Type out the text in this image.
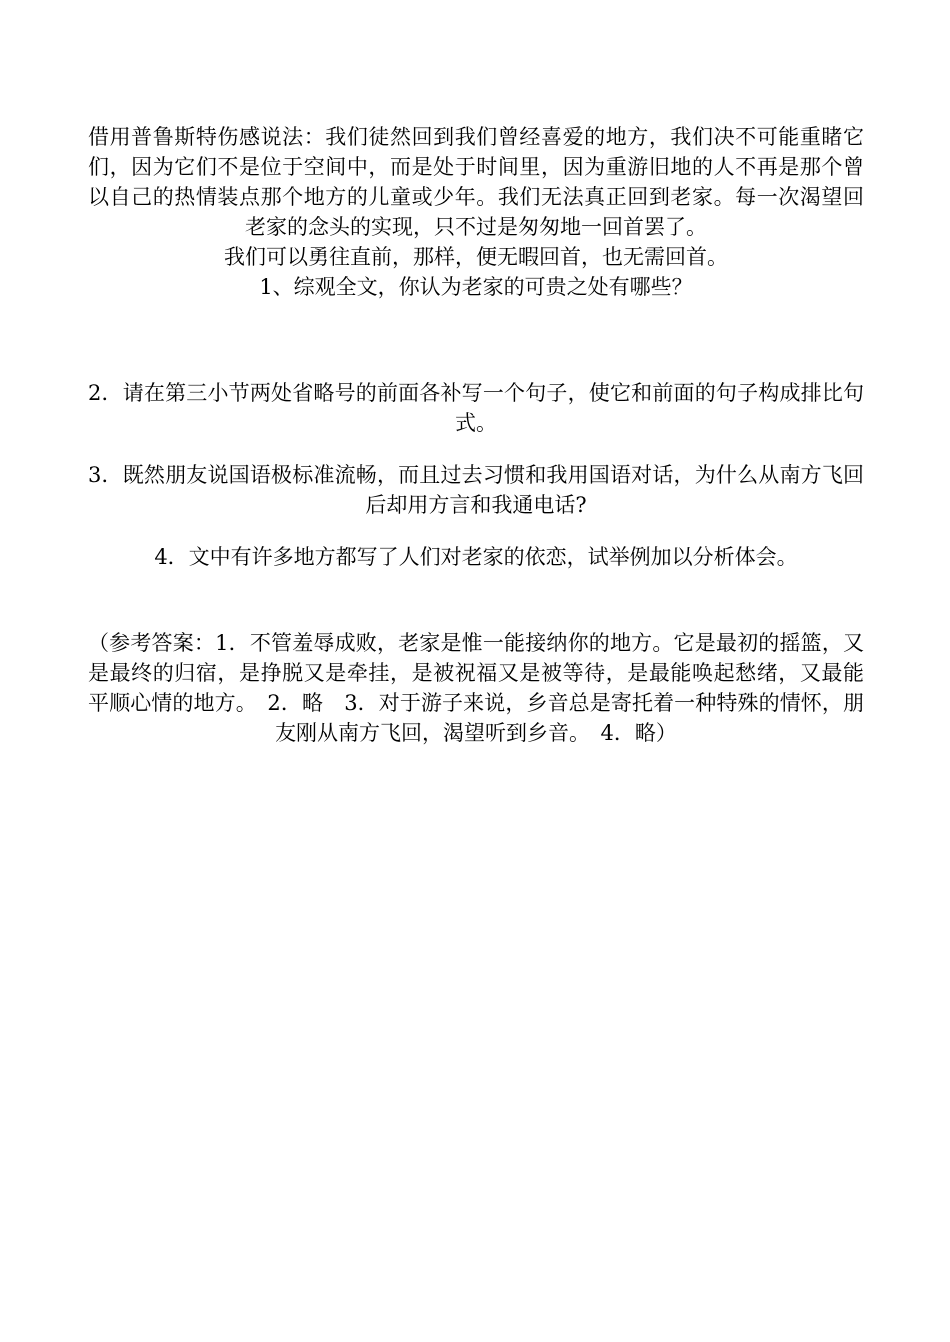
借用普鲁斯特伤感说法：我们徒然回到我们曾经喜爱的地方，我们决不可能重睹它们，因为它们不是位于空间中，而是处于时间里，因为重游旧地的人不再是那个曾以自己的热情装点那个地方的儿童或少年。我们无法真正回到老家。每一次渴望回老家的念头的实现，只不过是匆匆地一回首罢了。

我们可以勇往直前，那样，便无暇回首，也无需回首。

1、综观全文，你认为老家的可贵之处有哪些？

2．请在第三小节两处省略号的前面各补写一个句子，使它和前面的句子构成排比句式。

3．既然朋友说国语极标准流畅，而且过去习惯和我用国语对话，为什么从南方飞回后却用方言和我通电话?

4．文中有许多地方都写了人们对老家的依恋，试举例加以分析体会。

（参考答案：1．不管羞辱成败，老家是惟一能接纳你的地方。它是最初的摇篮，又是最终的归宿，是挣脱又是牵挂，是被祝福又是被等待，是最能唤起愁绪，又最能平顺心情的地方。　2．略　3．对于游子来说，乡音总是寄托着一种特殊的情怀，朋友刚从南方飞回，渴望听到乡音。　4．略）
